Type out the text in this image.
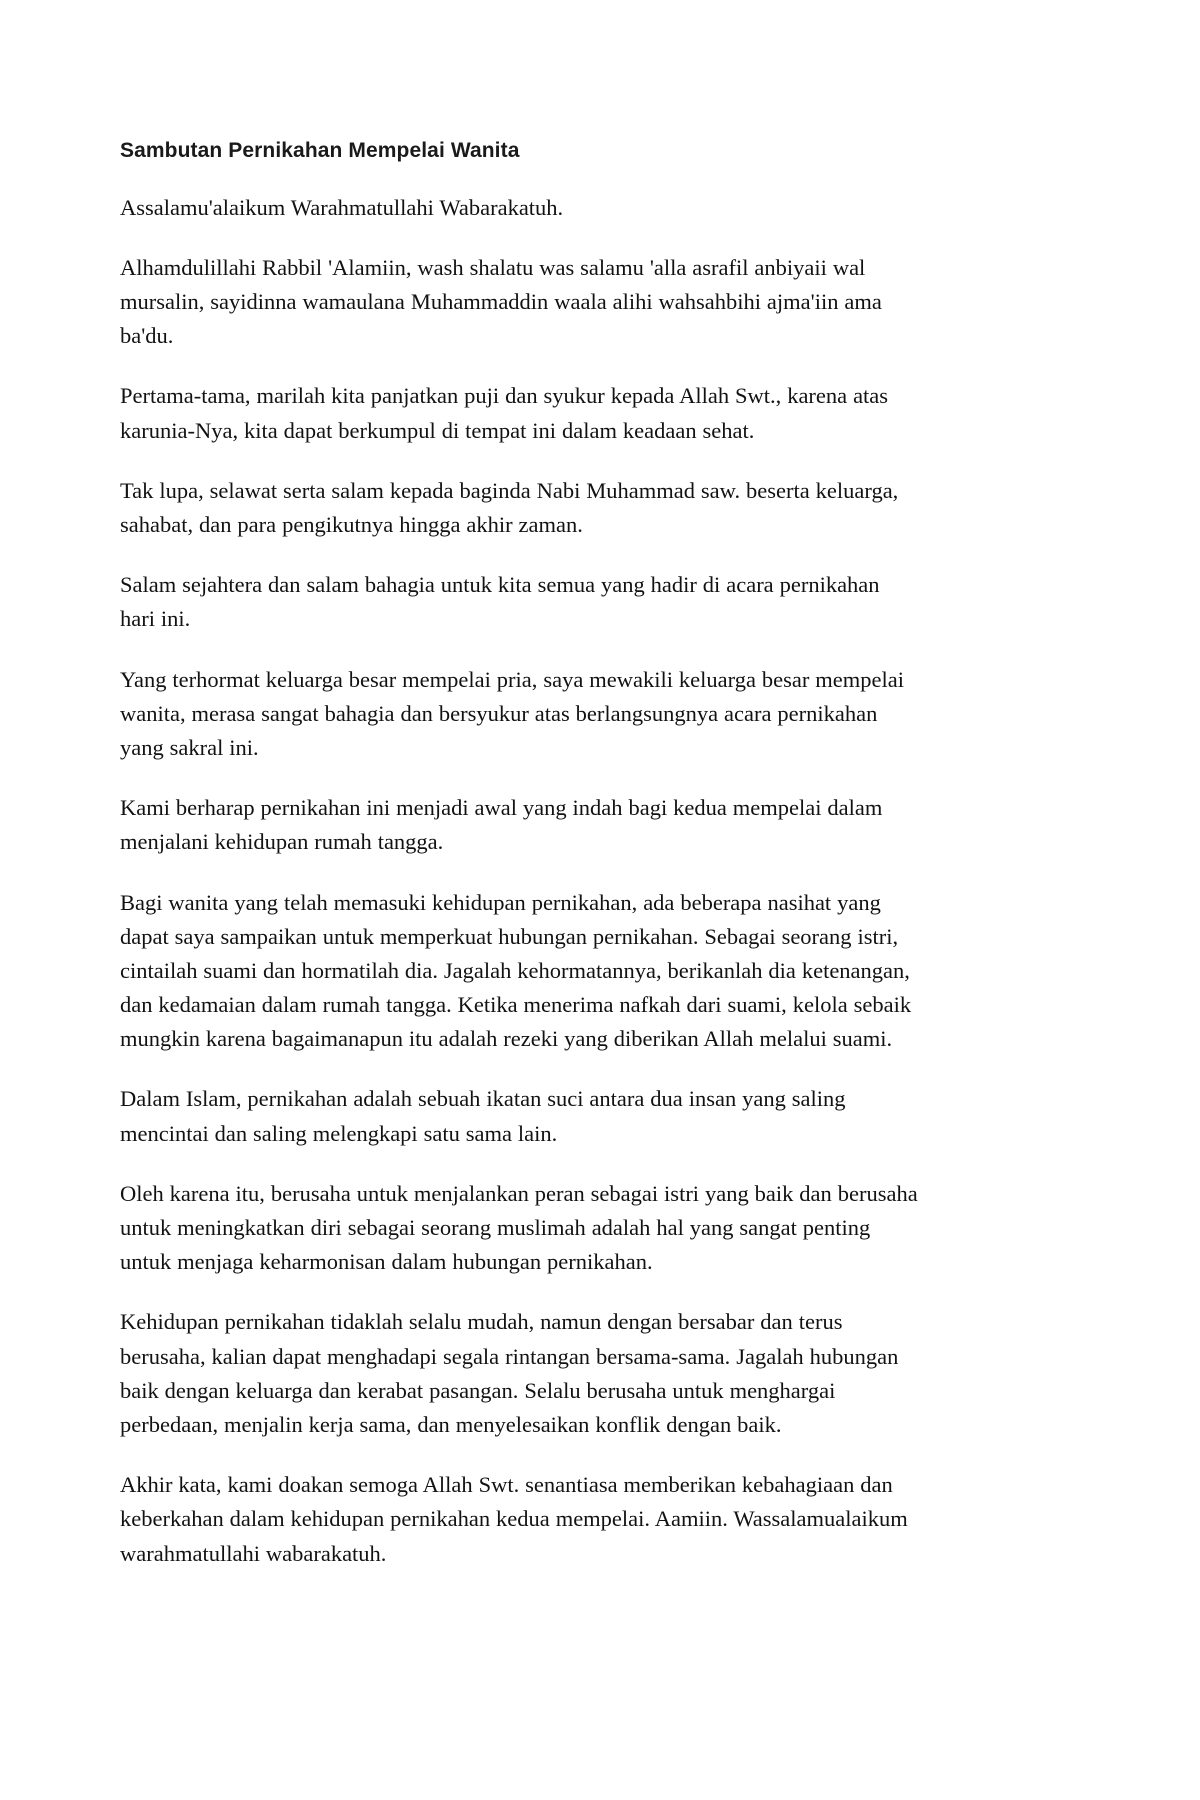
Sambutan Pernikahan Mempelai Wanita

Assalamu'alaikum Warahmatullahi Wabarakatuh.

Alhamdulillahi Rabbil 'Alamiin, wash shalatu was salamu 'alla asrafil anbiyaii wal mursalin, sayidinna wamaulana Muhammaddin waala alihi wahsahbihi ajma'iin ama ba'du.

Pertama-tama, marilah kita panjatkan puji dan syukur kepada Allah Swt., karena atas karunia-Nya, kita dapat berkumpul di tempat ini dalam keadaan sehat.

Tak lupa, selawat serta salam kepada baginda Nabi Muhammad saw. beserta keluarga, sahabat, dan para pengikutnya hingga akhir zaman.

Salam sejahtera dan salam bahagia untuk kita semua yang hadir di acara pernikahan hari ini.

Yang terhormat keluarga besar mempelai pria, saya mewakili keluarga besar mempelai wanita, merasa sangat bahagia dan bersyukur atas berlangsungnya acara pernikahan yang sakral ini.

Kami berharap pernikahan ini menjadi awal yang indah bagi kedua mempelai dalam menjalani kehidupan rumah tangga.

Bagi wanita yang telah memasuki kehidupan pernikahan, ada beberapa nasihat yang dapat saya sampaikan untuk memperkuat hubungan pernikahan. Sebagai seorang istri, cintailah suami dan hormatilah dia. Jagalah kehormatannya, berikanlah dia ketenangan, dan kedamaian dalam rumah tangga. Ketika menerima nafkah dari suami, kelola sebaik mungkin karena bagaimanapun itu adalah rezeki yang diberikan Allah melalui suami.

Dalam Islam, pernikahan adalah sebuah ikatan suci antara dua insan yang saling mencintai dan saling melengkapi satu sama lain.

Oleh karena itu, berusaha untuk menjalankan peran sebagai istri yang baik dan berusaha untuk meningkatkan diri sebagai seorang muslimah adalah hal yang sangat penting untuk menjaga keharmonisan dalam hubungan pernikahan.

Kehidupan pernikahan tidaklah selalu mudah, namun dengan bersabar dan terus berusaha, kalian dapat menghadapi segala rintangan bersama-sama. Jagalah hubungan baik dengan keluarga dan kerabat pasangan. Selalu berusaha untuk menghargai perbedaan, menjalin kerja sama, dan menyelesaikan konflik dengan baik.

Akhir kata, kami doakan semoga Allah Swt. senantiasa memberikan kebahagiaan dan keberkahan dalam kehidupan pernikahan kedua mempelai. Aamiin. Wassalamualaikum warahmatullahi wabarakatuh.
